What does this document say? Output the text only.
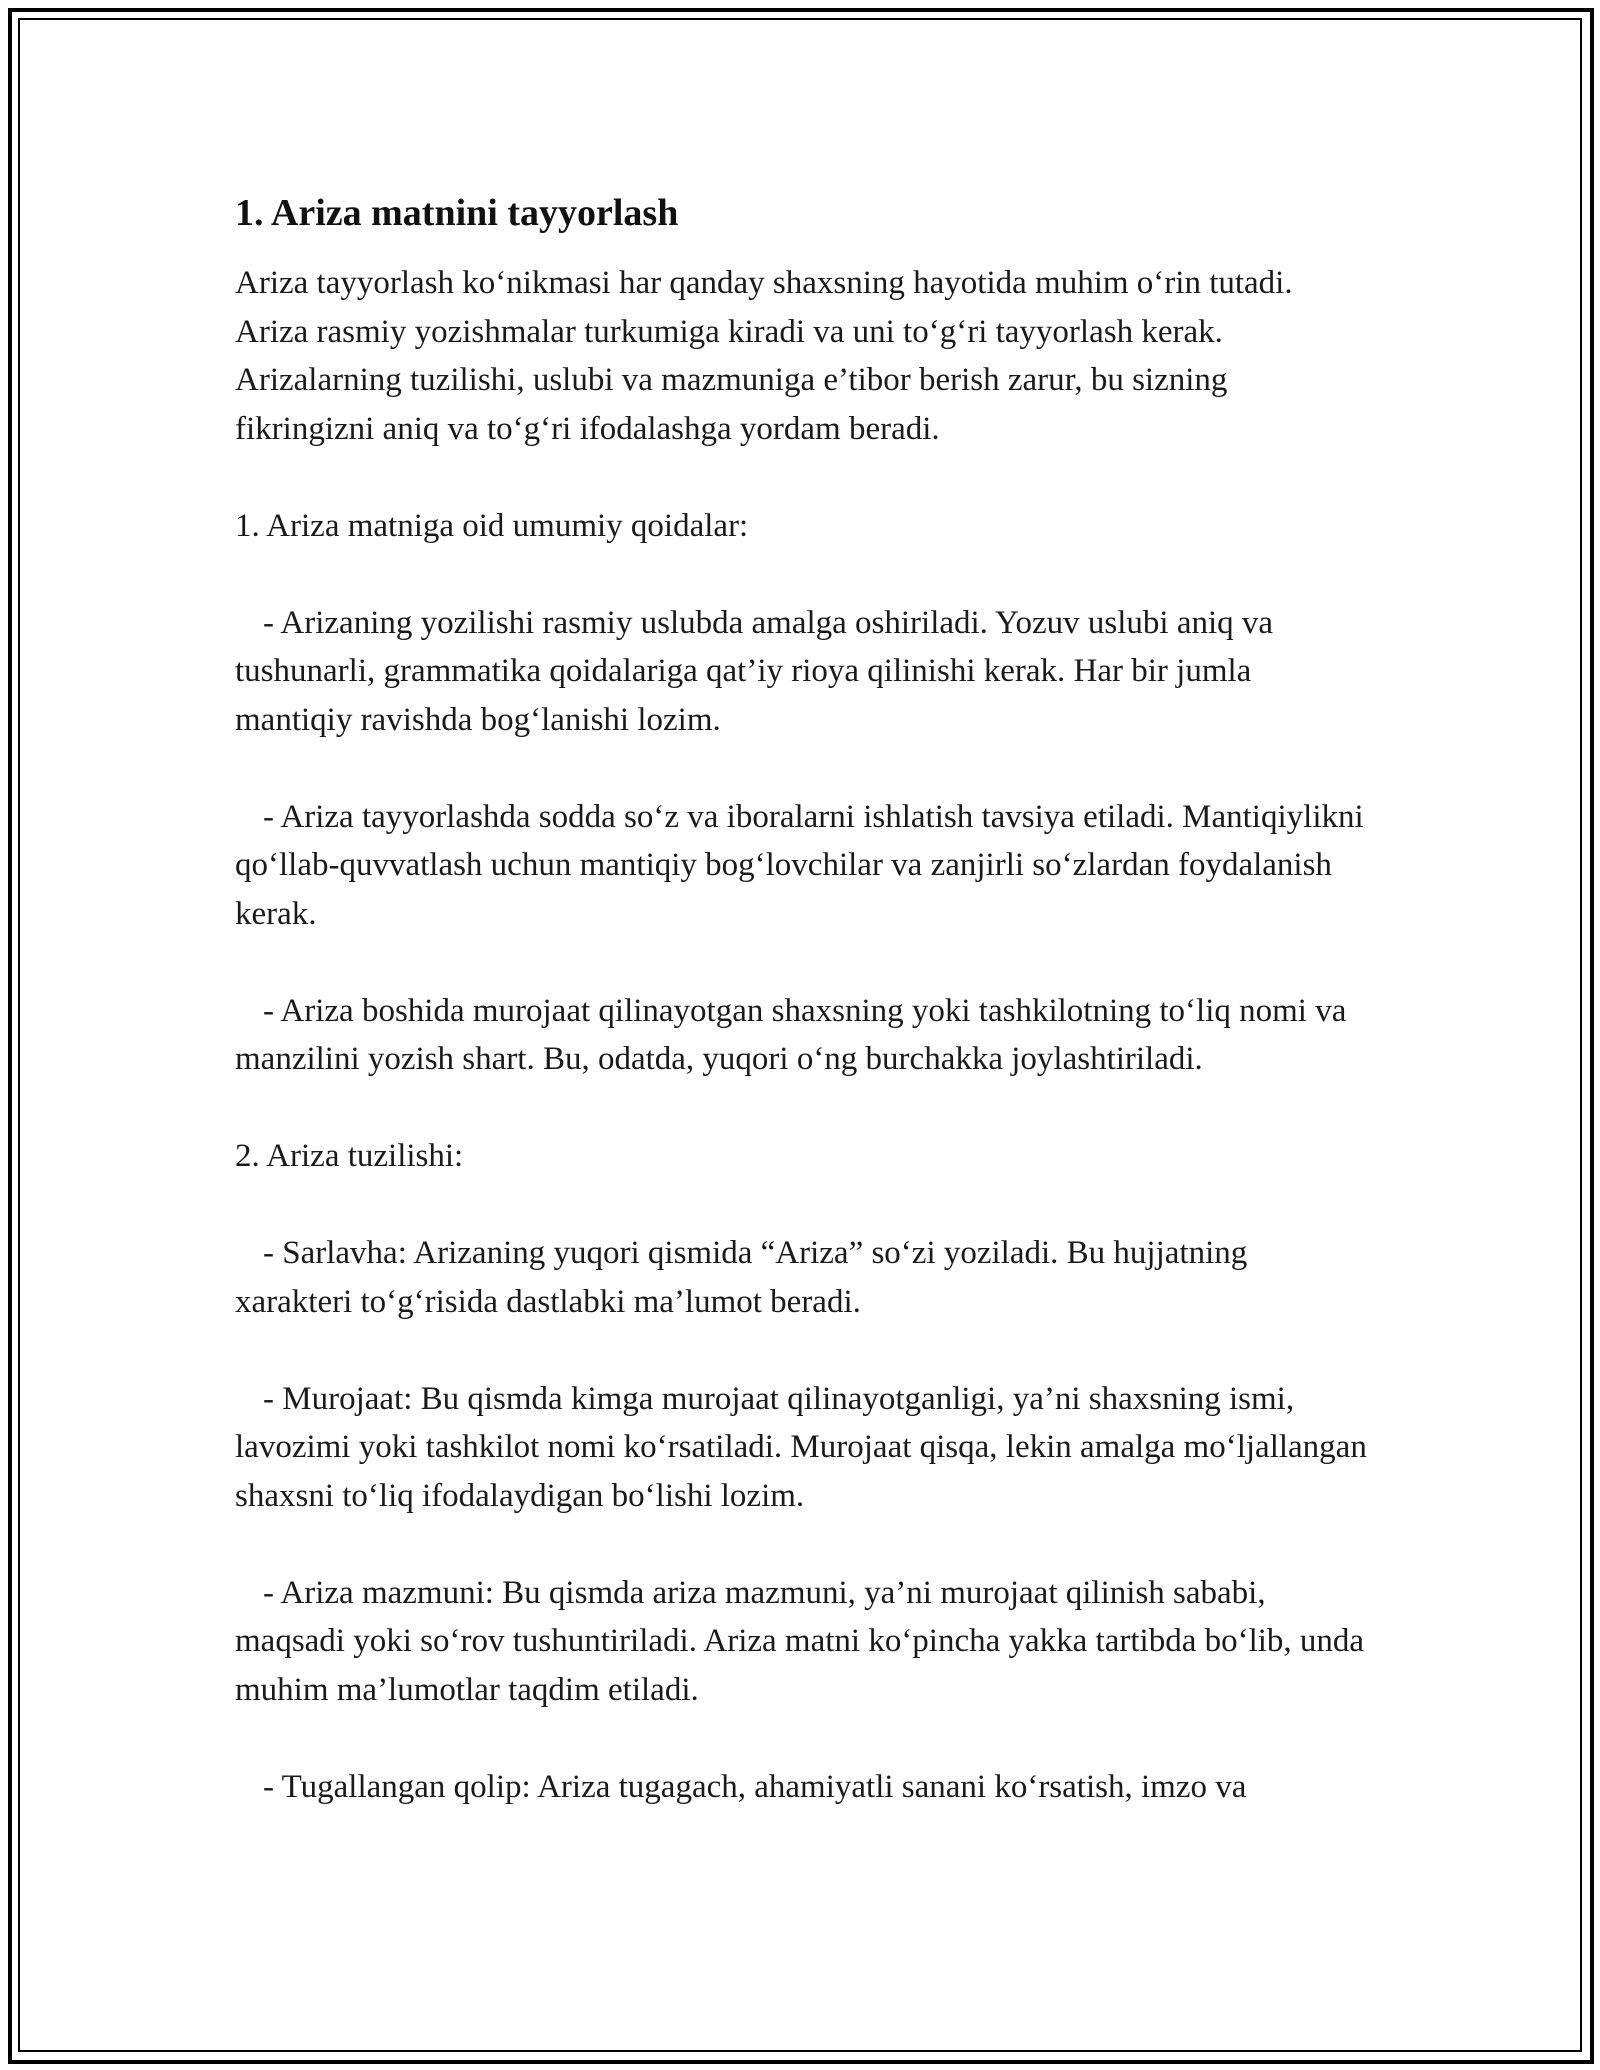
1. Ariza matnini tayyorlash

Ariza tayyorlash ko‘nikmasi har qanday shaxsning hayotida muhim o‘rin tutadi. Ariza rasmiy yozishmalar turkumiga kiradi va uni to‘g‘ri tayyorlash kerak. Arizalarning tuzilishi, uslubi va mazmuniga e’tibor berish zarur, bu sizning fikringizni aniq va to‘g‘ri ifodalashga yordam beradi.

1. Ariza matniga oid umumiy qoidalar:

- Arizaning yozilishi rasmiy uslubda amalga oshiriladi. Yozuv uslubi aniq va tushunarli, grammatika qoidalariga qat’iy rioya qilinishi kerak. Har bir jumla mantiqiy ravishda bog‘lanishi lozim.

- Ariza tayyorlashda sodda so‘z va iboralarni ishlatish tavsiya etiladi. Mantiqiylikni qo‘llab-quvvatlash uchun mantiqiy bog‘lovchilar va zanjirli so‘zlardan foydalanish kerak.

- Ariza boshida murojaat qilinayotgan shaxsning yoki tashkilotning to‘liq nomi va manzilini yozish shart. Bu, odatda, yuqori o‘ng burchakka joylashtiriladi.

2. Ariza tuzilishi:

- Sarlavha: Arizaning yuqori qismida “Ariza” so‘zi yoziladi. Bu hujjatning xarakteri to‘g‘risida dastlabki ma’lumot beradi.

- Murojaat: Bu qismda kimga murojaat qilinayotganligi, ya’ni shaxsning ismi, lavozimi yoki tashkilot nomi ko‘rsatiladi. Murojaat qisqa, lekin amalga mo‘ljallangan shaxsni to‘liq ifodalaydigan bo‘lishi lozim.

- Ariza mazmuni: Bu qismda ariza mazmuni, ya’ni murojaat qilinish sababi, maqsadi yoki so‘rov tushuntiriladi. Ariza matni ko‘pincha yakka tartibda bo‘lib, unda muhim ma’lumotlar taqdim etiladi.

- Tugallangan qolip: Ariza tugagach, ahamiyatli sanani ko‘rsatish, imzo va
